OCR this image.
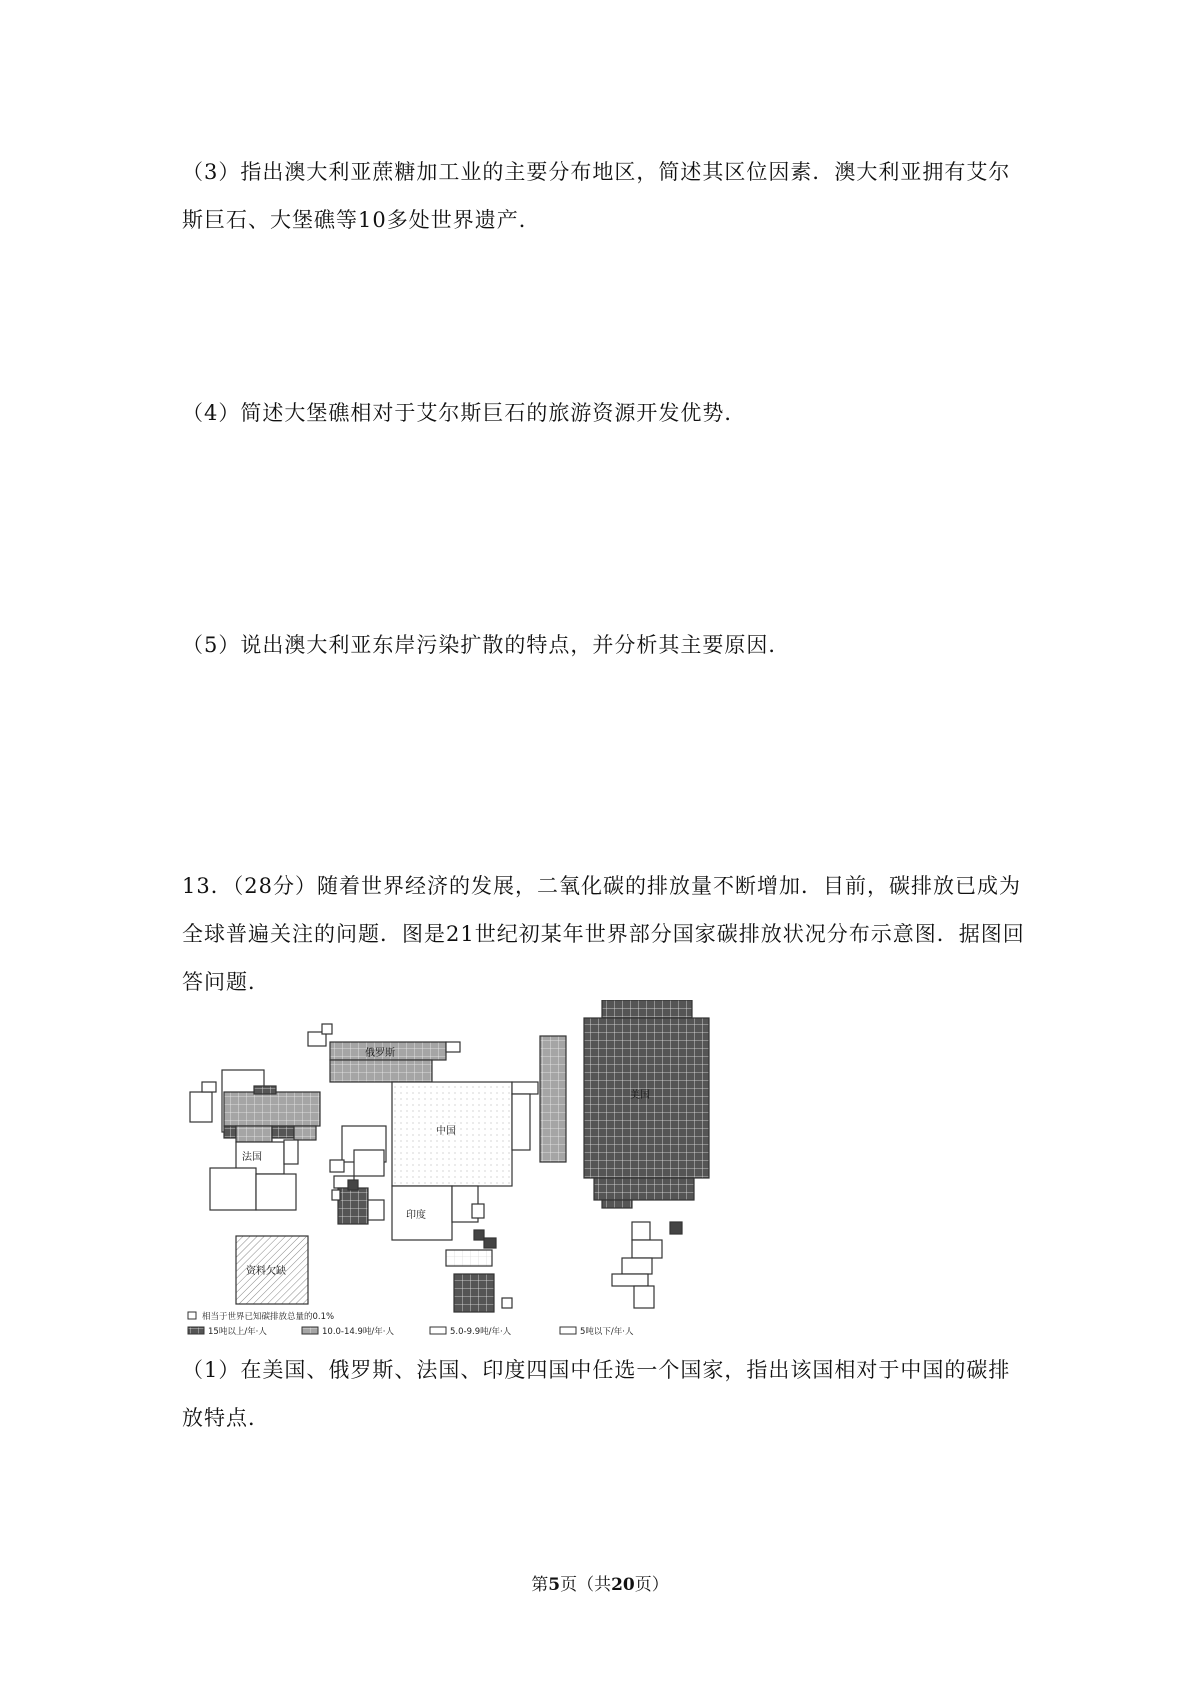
（3）指出澳大利亚蔗糖加工业的主要分布地区，简述其区位因素．澳大利亚拥有艾尔斯巨石、大堡礁等10多处世界遗产．

（4）简述大堡礁相对于艾尔斯巨石的旅游资源开发优势．

（5）说出澳大利亚东岸污染扩散的特点，并分析其主要原因．

13．（28分）随着世界经济的发展，二氧化碳的排放量不断增加．目前，碳排放已成为全球普遍关注的问题．图是21世纪初某年世界部分国家碳排放状况分布示意图．据图回答问题．

俄罗斯
中国
美国
法国
印度
资料欠缺
相当于世界已知碳排放总量的0.1%
15吨以上/年·人	10.0-14.9吨/年·人	5.0-9.9吨/年·人	5吨以下/年·人

（1）在美国、俄罗斯、法国、印度四国中任选一个国家，指出该国相对于中国的碳排放特点．

第5页（共20页）
